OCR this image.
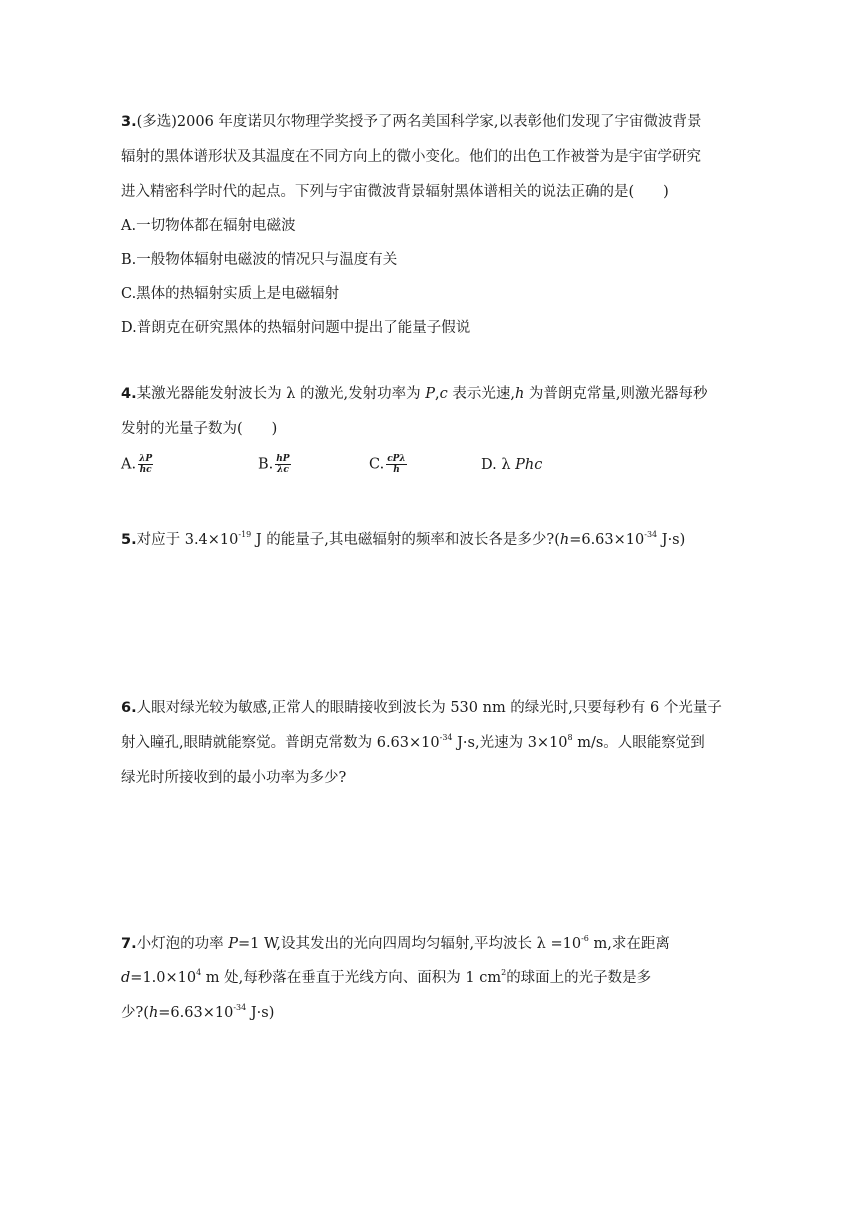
3.(多选)2006 年度诺贝尔物理学奖授予了两名美国科学家,以表彰他们发现了宇宙微波背景
辐射的黑体谱形状及其温度在不同方向上的微小变化。他们的出色工作被誉为是宇宙学研究
进入精密科学时代的起点。下列与宇宙微波背景辐射黑体谱相关的说法正确的是(　　)
A.一切物体都在辐射电磁波
B.一般物体辐射电磁波的情况只与温度有关
C.黑体的热辐射实质上是电磁辐射
D.普朗克在研究黑体的热辐射问题中提出了能量子假说
4.某激光器能发射波长为 λ 的激光,发射功率为 P,c 表示光速,h 为普朗克常量,则激光器每秒
发射的光量子数为(　　)
A. $\frac{\lambda P}{hc}$	B. $\frac{hP}{\lambda c}$	C. $\frac{\text{cPλ}}{h}$	D. λ Phc
5.对应于 $3.4\times 10^{-19}$ J 的能量子,其电磁辐射的频率和波长各是多少$?(h=6.63\times 10^{-34}$ J·s)
6.人眼对绿光较为敏感,正常人的眼睛接收到波长为 530 nm 的绿光时,只要每秒有 6 个光量子
射入瞳孔,眼睛就能察觉。普朗克常数为 $6.63\times 10^{-34}$ J·s,光速为 $3\times 10^8$ m/s。人眼能察觉到
绿光时所接收到的最小功率为多少?
7.小灯泡的功率 P=1 W,设其发出的光向四周均匀辐射,平均波长 $\lambda =10^{-6}$ m,求在距离
$d=1.0\times 10^4$ m 处,每秒落在垂直于光线方向、面积为 1 $cm^2$的球面上的光子数是多
少$?(h=6.63\times 10^{-34}$ J·s)
